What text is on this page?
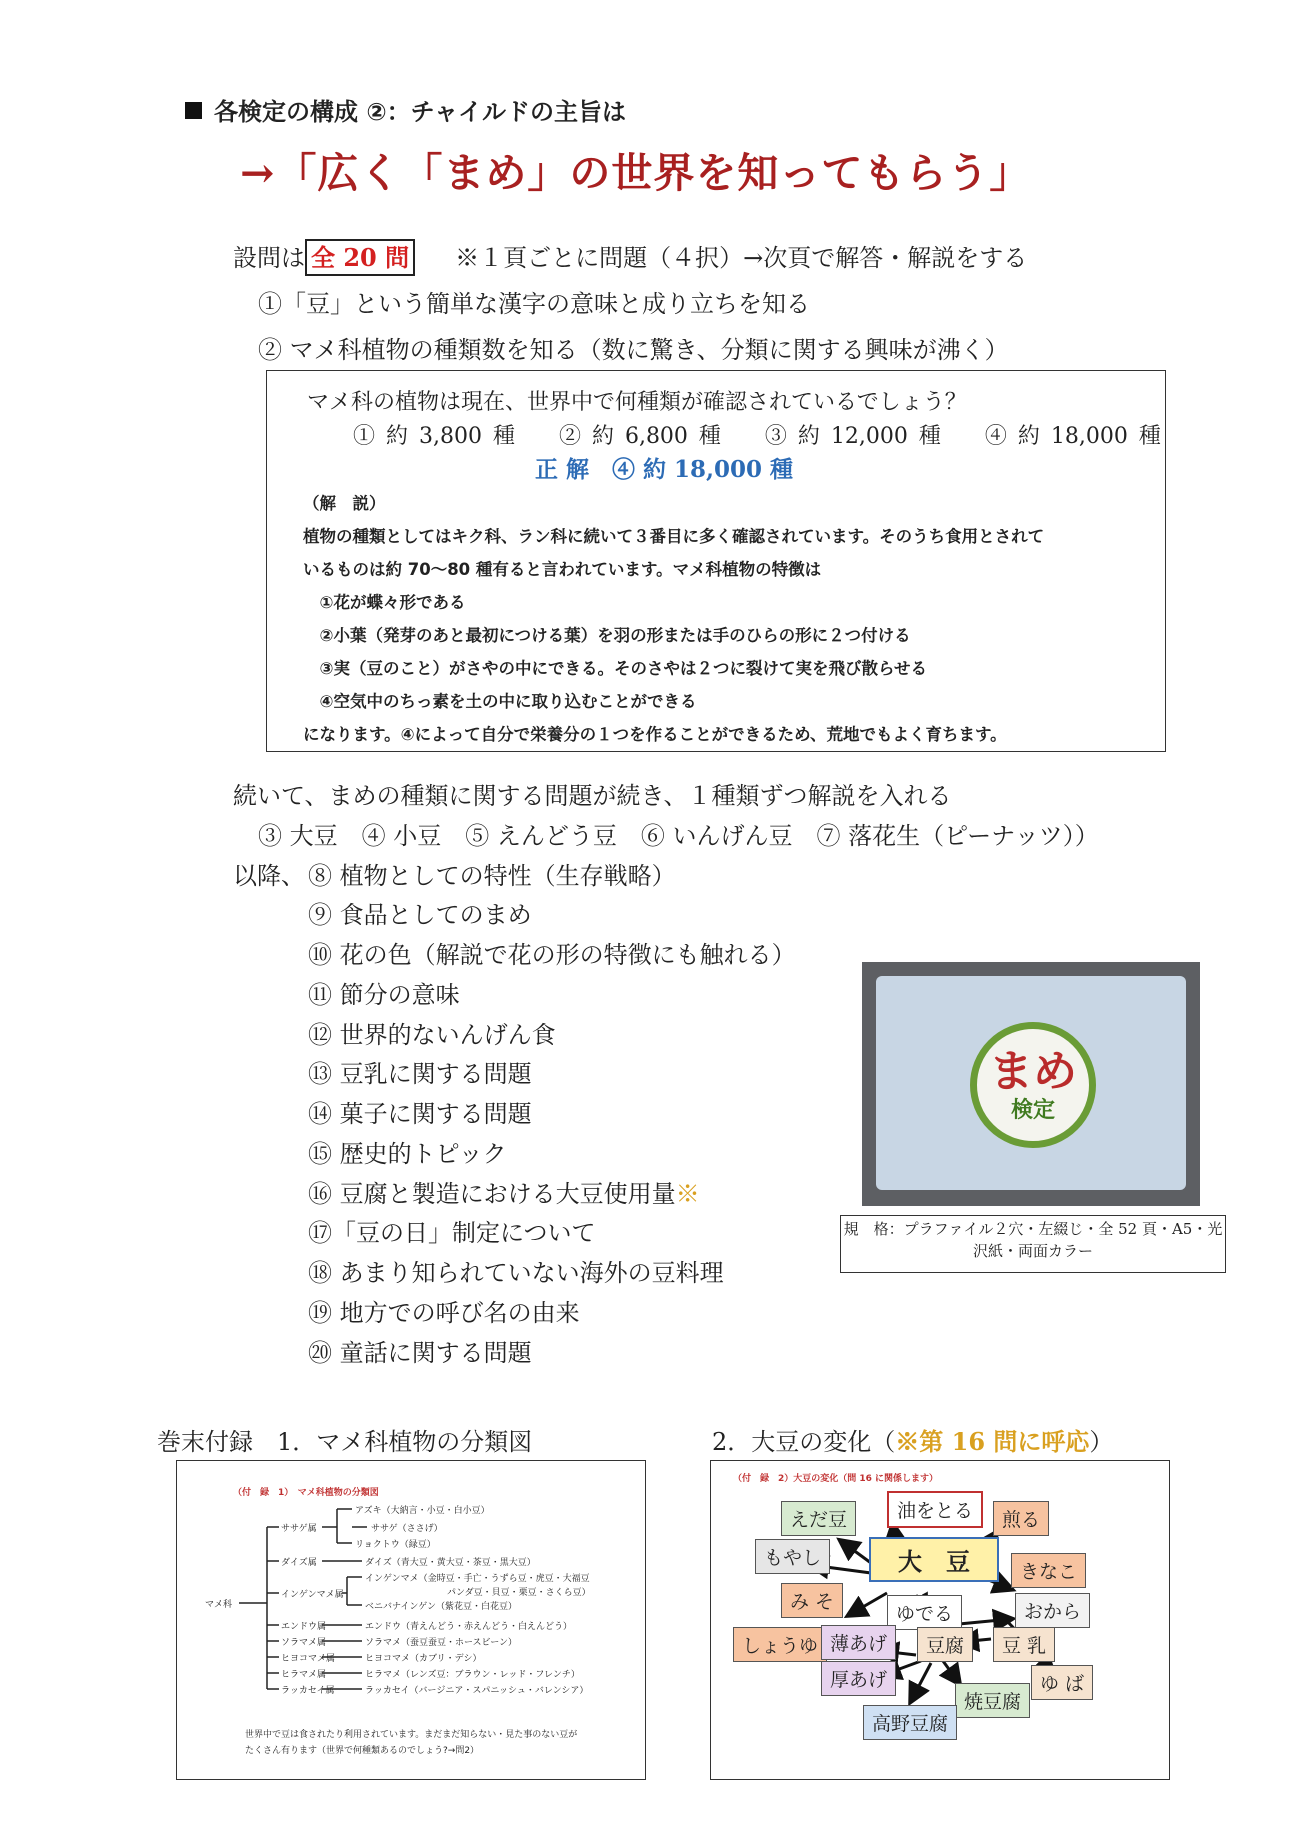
各検定の構成 ②：チャイルドの主旨は
→「広く「まめ」の世界を知ってもらう」
設問は 全 20 問 ※１頁ごとに問題（４択）→次頁で解答・解説をする
①「豆」という簡単な漢字の意味と成り立ちを知る
② マメ科植物の種類数を知る（数に驚き、分類に関する興味が沸く）
マメ科の植物は現在、世界中で何種類が確認されているでしょう？
① 約 3,800 種　　② 約 6,800 種　　③ 約 12,000 種　　④ 約 18,000 種
正 解　④ 約 18,000 種
（解　説）
植物の種類としてはキク科、ラン科に続いて３番目に多く確認されています。そのうち食用とされて
いるものは約 70～80 種有ると言われています。マメ科植物の特徴は
　①花が蝶々形である
　②小葉（発芽のあと最初につける葉）を羽の形または手のひらの形に２つ付ける
　③実（豆のこと）がさやの中にできる。そのさやは２つに裂けて実を飛び散らせる
　④空気中のちっ素を土の中に取り込むことができる
になります。④によって自分で栄養分の１つを作ることができるため、荒地でもよく育ちます。
続いて、まめの種類に関する問題が続き、１種類ずつ解説を入れる
③ 大豆　④ 小豆　⑤ えんどう豆　⑥ いんげん豆　⑦ 落花生（ピーナッツ））
以降、 ⑧ 植物としての特性（生存戦略）
⑨ 食品としてのまめ
⑩ 花の色（解説で花の形の特徴にも触れる）
⑪ 節分の意味
⑫ 世界的ないんげん食
⑬ 豆乳に関する問題
⑭ 菓子に関する問題
⑮ 歴史的トピック
⑯ 豆腐と製造における大豆使用量※
⑰「豆の日」制定について
⑱ あまり知られていない海外の豆料理
⑲ 地方での呼び名の由来
⑳ 童話に関する問題
まめ
検定
規　格：プラファイル２穴・左綴じ・全 52 頁・A5・光沢紙・両面カラー
巻末付録　1．マメ科植物の分類図	2．大豆の変化（※第 16 問に呼応）
（付　録　1）　マメ科植物の分類図
マメ科
ササゲ属
ダイズ属
インゲンマメ属
エンドウ属
ソラマメ属
ヒヨコマメ属
ヒラマメ属
ラッカセイ属
アズキ（大納言・小豆・白小豆）
ササゲ（ささげ）
リョクトウ（緑豆）
ダイズ（青大豆・黄大豆・茶豆・黒大豆）
インゲンマメ（金時豆・手亡・うずら豆・虎豆・大福豆
パンダ豆・貝豆・栗豆・さくら豆）
ベニバナインゲン（紫花豆・白花豆）
エンドウ（青えんどう・赤えんどう・白えんどう）
ソラマメ（蚕豆蚕豆・ホースビーン）
ヒヨコマメ（カブリ・デシ）
ヒラマメ（レンズ豆：ブラウン・レッド・フレンチ）
ラッカセイ（バージニア・スパニッシュ・バレンシア）
世界中で豆は食されたり利用されています。まだまだ知らない・見た事のない豆が
たくさん有ります（世界で何種類あるのでしょう?→問2）
（付　録　2）大豆の変化（問 16 に関係します）
えだ豆	油をとる	煎る
大　豆
もやし
きなこ
み そ
ゆでる	おから
しょうゆ 薄あげ	豆腐	豆 乳
厚あげ	ゆ ば
焼豆腐
高野豆腐
